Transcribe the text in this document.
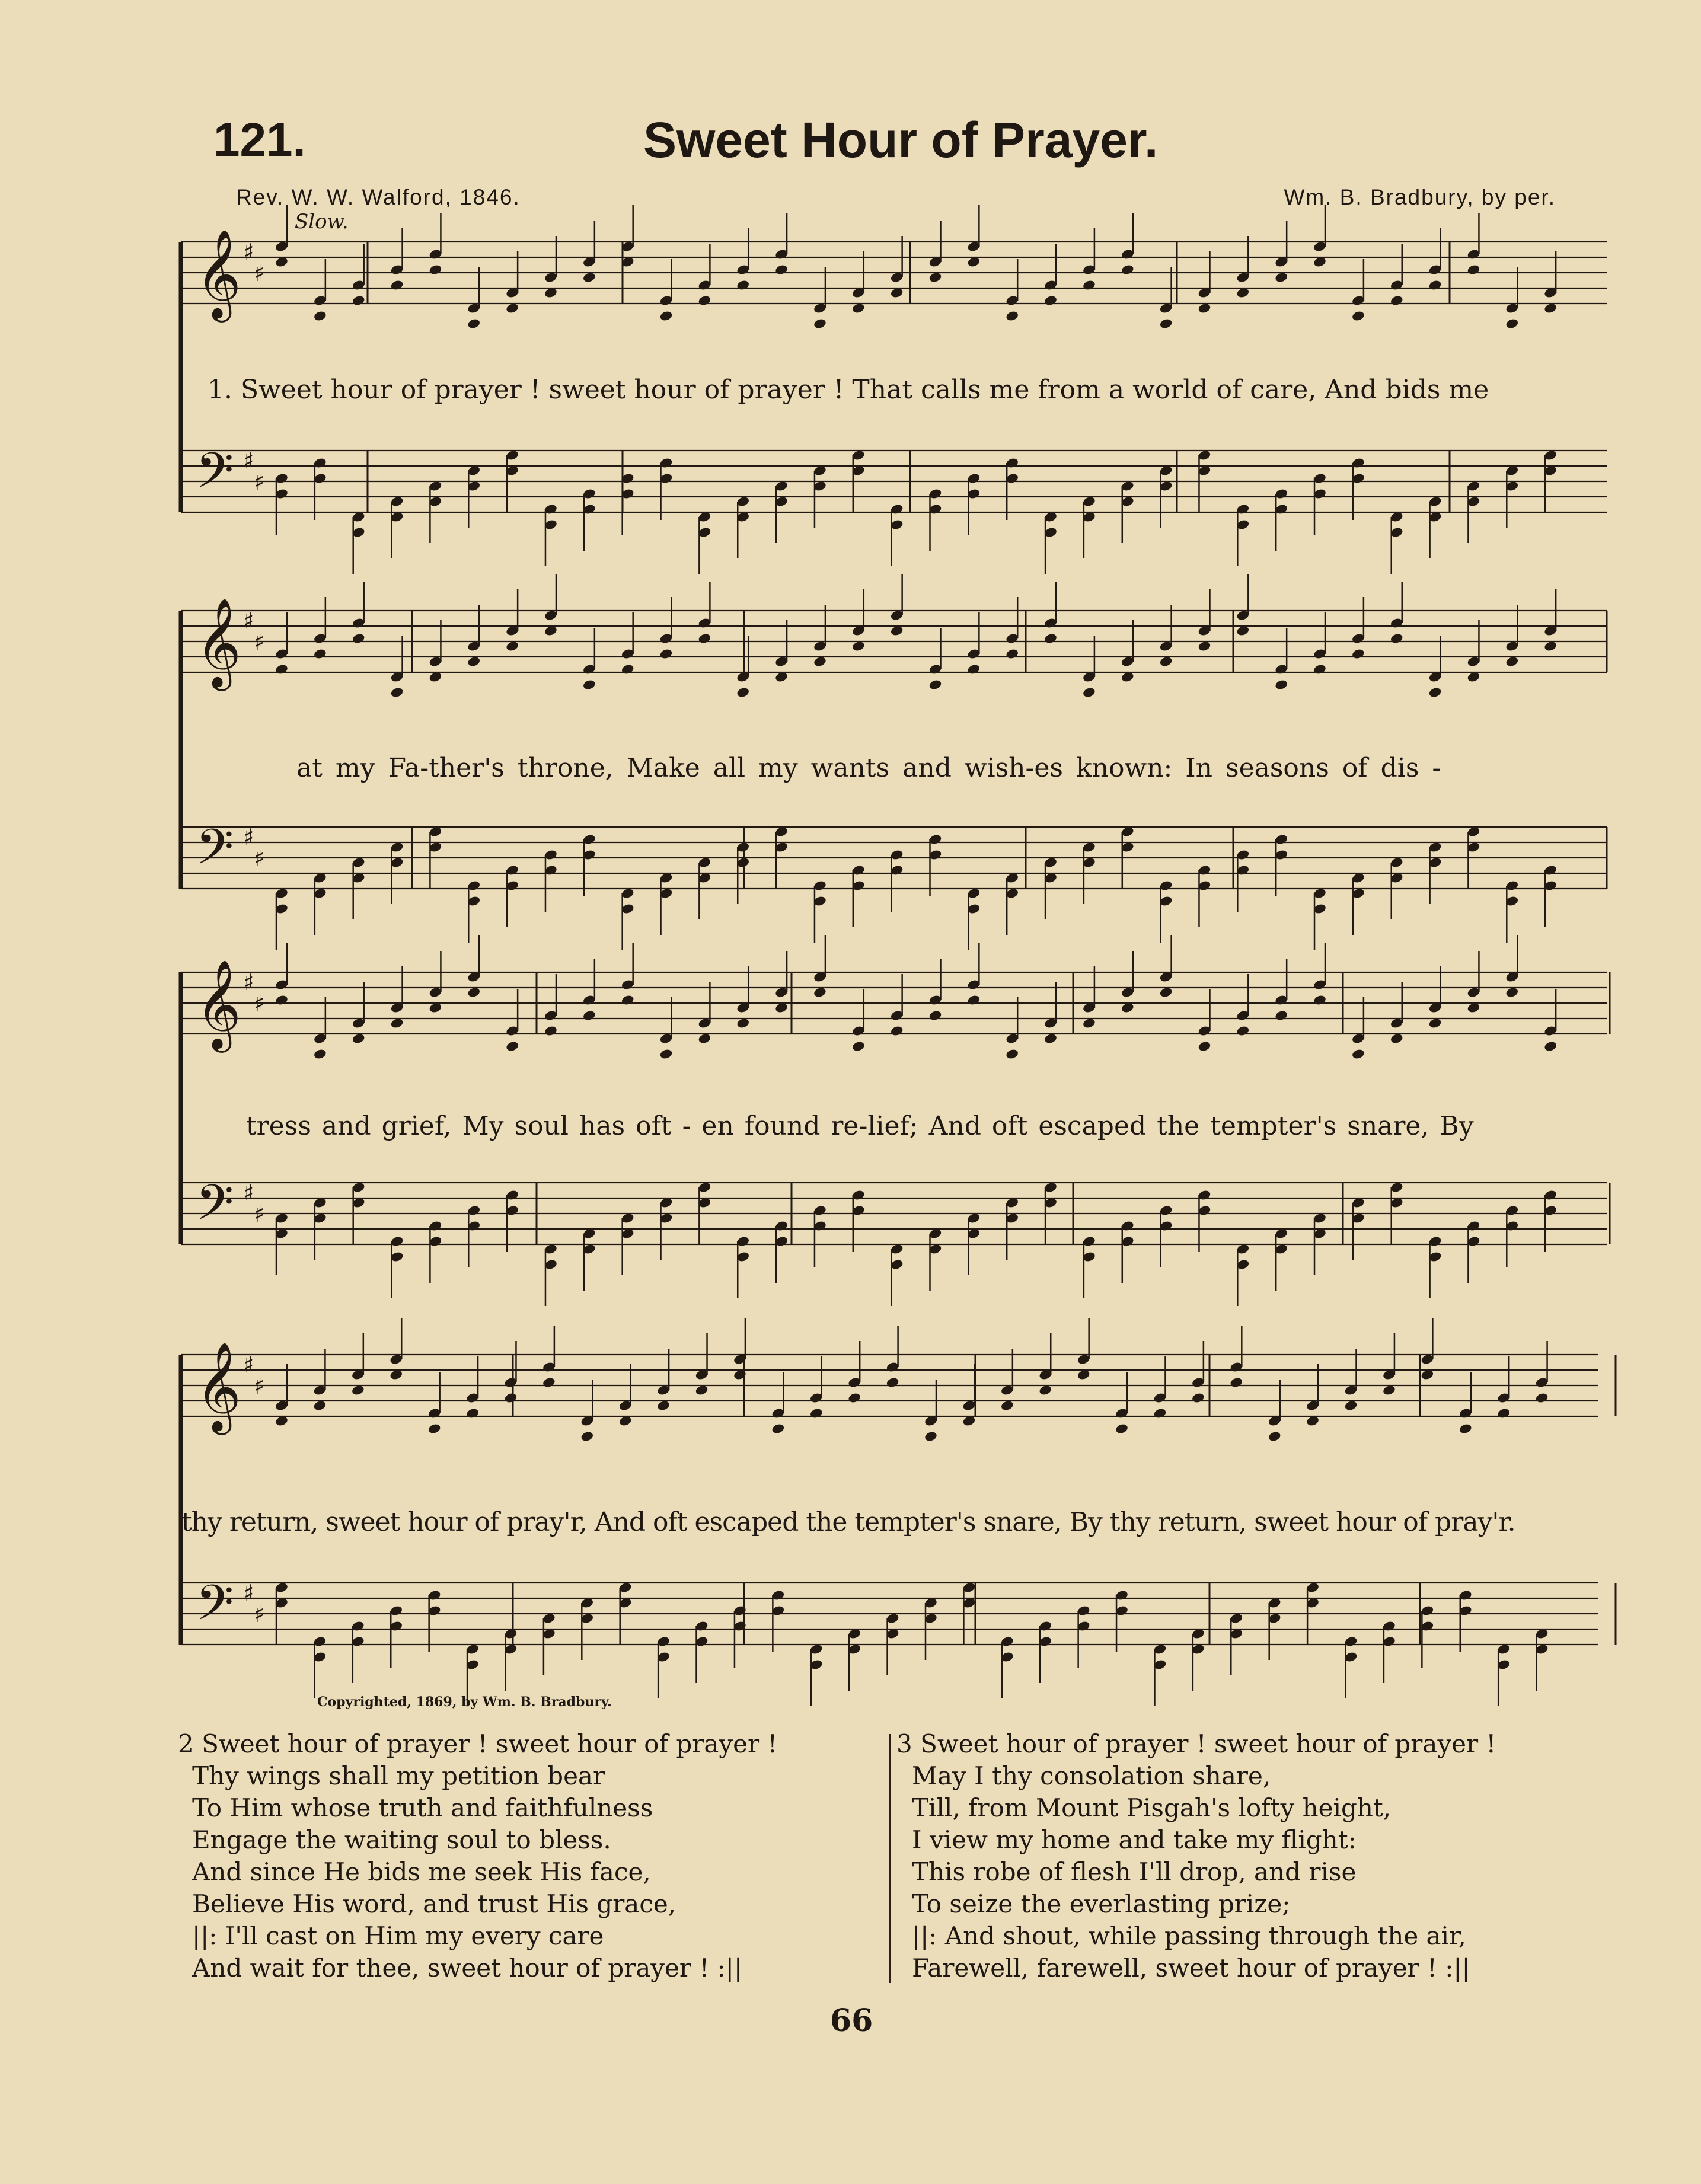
121.	Sweet Hour of Prayer.
Rev. W. W. Walford, 1846.	Wm. B. Bradbury, by per.
Slow.
𝄞 ♯
♯
𝄢 ♯
♯
𝄞 ♯
♯
𝄢 ♯
♯
𝄞 ♯
♯
𝄢 ♯
♯
𝄞 ♯
♯
𝄢 ♯
♯
1. Sweet hour of prayer ! sweet hour of prayer ! That calls me from a world of care, And bids me
at my Fa-ther's throne, Make all my wants and wish-es known: In seasons of dis -
tress and grief, My soul has oft - en found re-lief; And oft escaped the tempter's snare, By
thy return, sweet hour of pray'r, And oft escaped the tempter's snare, By thy return, sweet hour of pray'r.
Copyrighted, 1869, by Wm. B. Bradbury.
2 Sweet hour of prayer ! sweet hour of prayer !
Thy wings shall my petition bear
To Him whose truth and faithfulness
Engage the waiting soul to bless.
And since He bids me seek His face,
Believe His word, and trust His grace,
||: I'll cast on Him my every care
And wait for thee, sweet hour of prayer ! :||
3 Sweet hour of prayer ! sweet hour of prayer !
May I thy consolation share,
Till, from Mount Pisgah's lofty height,
I view my home and take my flight:
This robe of flesh I'll drop, and rise
To seize the everlasting prize;
||: And shout, while passing through the air,
Farewell, farewell, sweet hour of prayer ! :||
66
